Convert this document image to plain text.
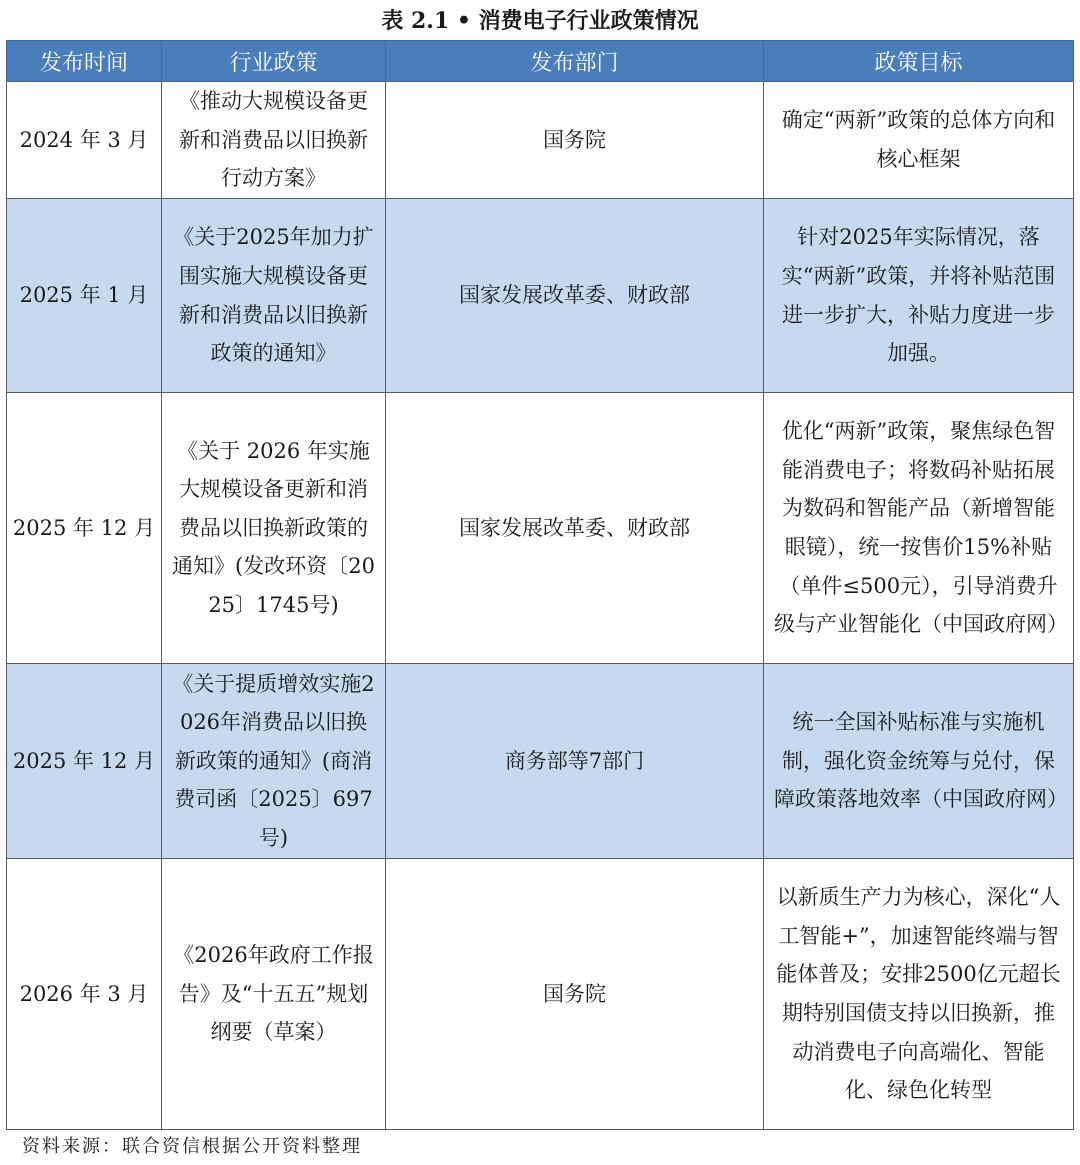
表 2.1 • 消费电子行业政策情况
发布时间	行业政策	发布部门	政策目标
2024 年 3 月	《推动大规模设备更新和消费品以旧换新行动方案》	国务院	确定“两新”政策的总体方向和核心框架
2025 年 1 月	《关于2025年加力扩围实施大规模设备更新和消费品以旧换新政策的通知》	国家发展改革委、财政部	针对2025年实际情况，落实“两新”政策，并将补贴范围进一步扩大，补贴力度进一步加强。
2025 年 12 月	《关于 2026 年实施大规模设备更新和消费品以旧换新政策的通知》(发改环资〔2025〕1745号)	国家发展改革委、财政部	优化“两新”政策，聚焦绿色智能消费电子；将数码补贴拓展为数码和智能产品（新增智能眼镜），统一按售价15%补贴（单件≤500元），引导消费升级与产业智能化（中国政府网）
2025 年 12 月	《关于提质增效实施2026年消费品以旧换新政策的通知》(商消费司函〔2025〕697号)	商务部等7部门	统一全国补贴标准与实施机制，强化资金统筹与兑付，保障政策落地效率（中国政府网）
2026 年 3 月	《2026年政府工作报告》及“十五五”规划纲要（草案）	国务院	以新质生产力为核心，深化“人工智能+”，加速智能终端与智能体普及；安排2500亿元超长期特别国债支持以旧换新，推动消费电子向高端化、智能化、绿色化转型
资料来源：联合资信根据公开资料整理
